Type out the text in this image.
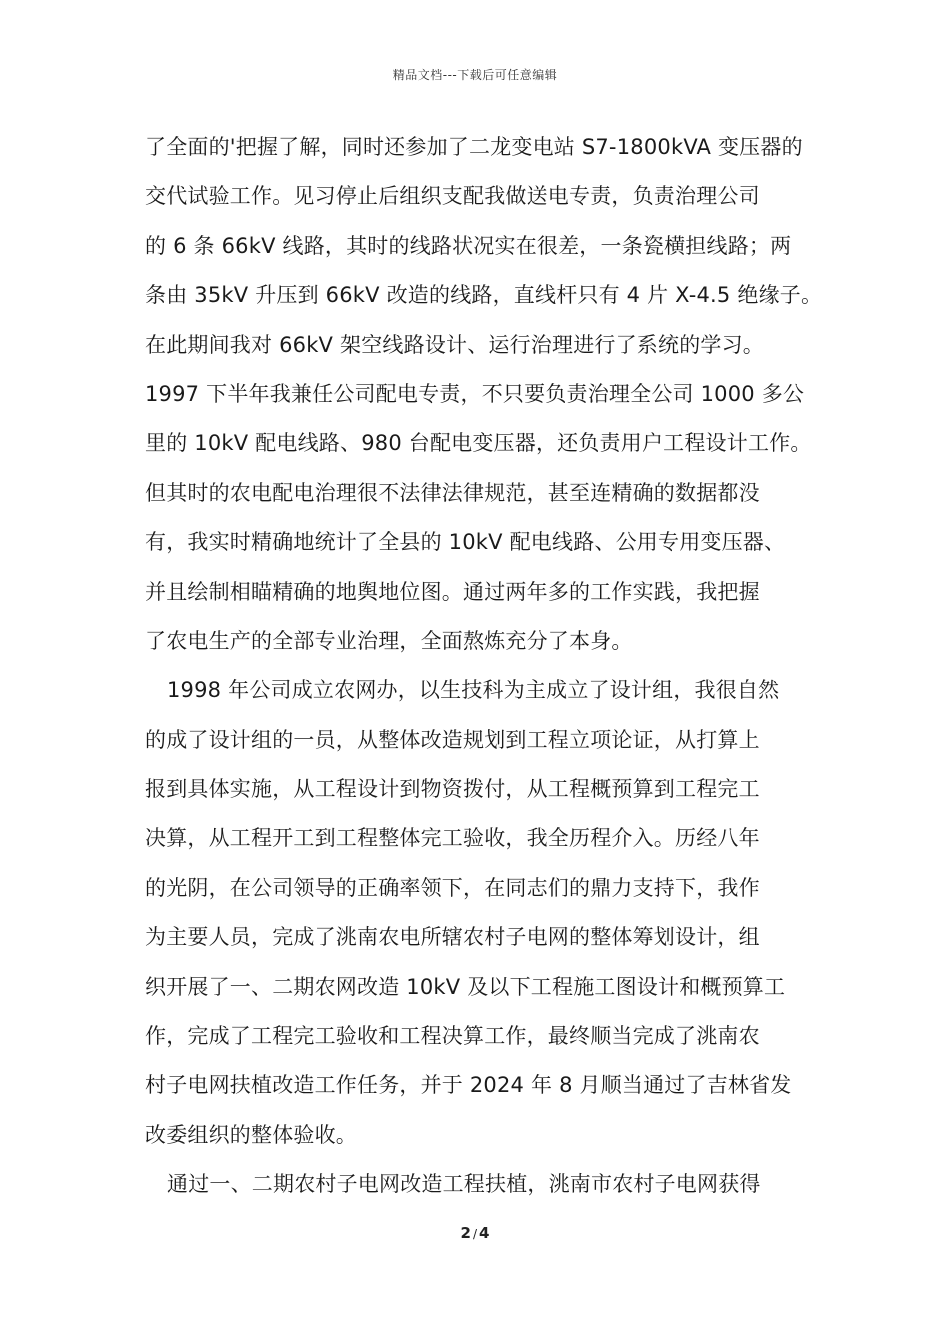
精品文档---下载后可任意编辑
了全面的'把握了解，同时还参加了二龙变电站 S7-1800kVA 变压器的
交代试验工作。见习停止后组织支配我做送电专责，负责治理公司
的 6 条 66kV 线路，其时的线路状况实在很差，一条瓷横担线路；两
条由 35kV 升压到 66kV 改造的线路，直线杆只有 4 片 X-4.5 绝缘子。
在此期间我对 66kV 架空线路设计、运行治理进行了系统的学习。
1997 下半年我兼任公司配电专责，不只要负责治理全公司 1000 多公
里的 10kV 配电线路、980 台配电变压器，还负责用户工程设计工作。
但其时的农电配电治理很不法律法律规范，甚至连精确的数据都没
有，我实时精确地统计了全县的 10kV 配电线路、公用专用变压器、
并且绘制相瞄精确的地舆地位图。通过两年多的工作实践，我把握
了农电生产的全部专业治理，全面熬炼充分了本身。
1998 年公司成立农网办，以生技科为主成立了设计组，我很自然
的成了设计组的一员，从整体改造规划到工程立项论证，从打算上
报到具体实施，从工程设计到物资拨付，从工程概预算到工程完工
决算，从工程开工到工程整体完工验收，我全历程介入。历经八年
的光阴，在公司领导的正确率领下，在同志们的鼎力支持下，我作
为主要人员，完成了洮南农电所辖农村子电网的整体筹划设计，组
织开展了一、二期农网改造 10kV 及以下工程施工图设计和概预算工
作，完成了工程完工验收和工程决算工作，最终顺当完成了洮南农
村子电网扶植改造工作任务，并于 2024 年 8 月顺当通过了吉林省发
改委组织的整体验收。
通过一、二期农村子电网改造工程扶植，洮南市农村子电网获得
2 / 4
